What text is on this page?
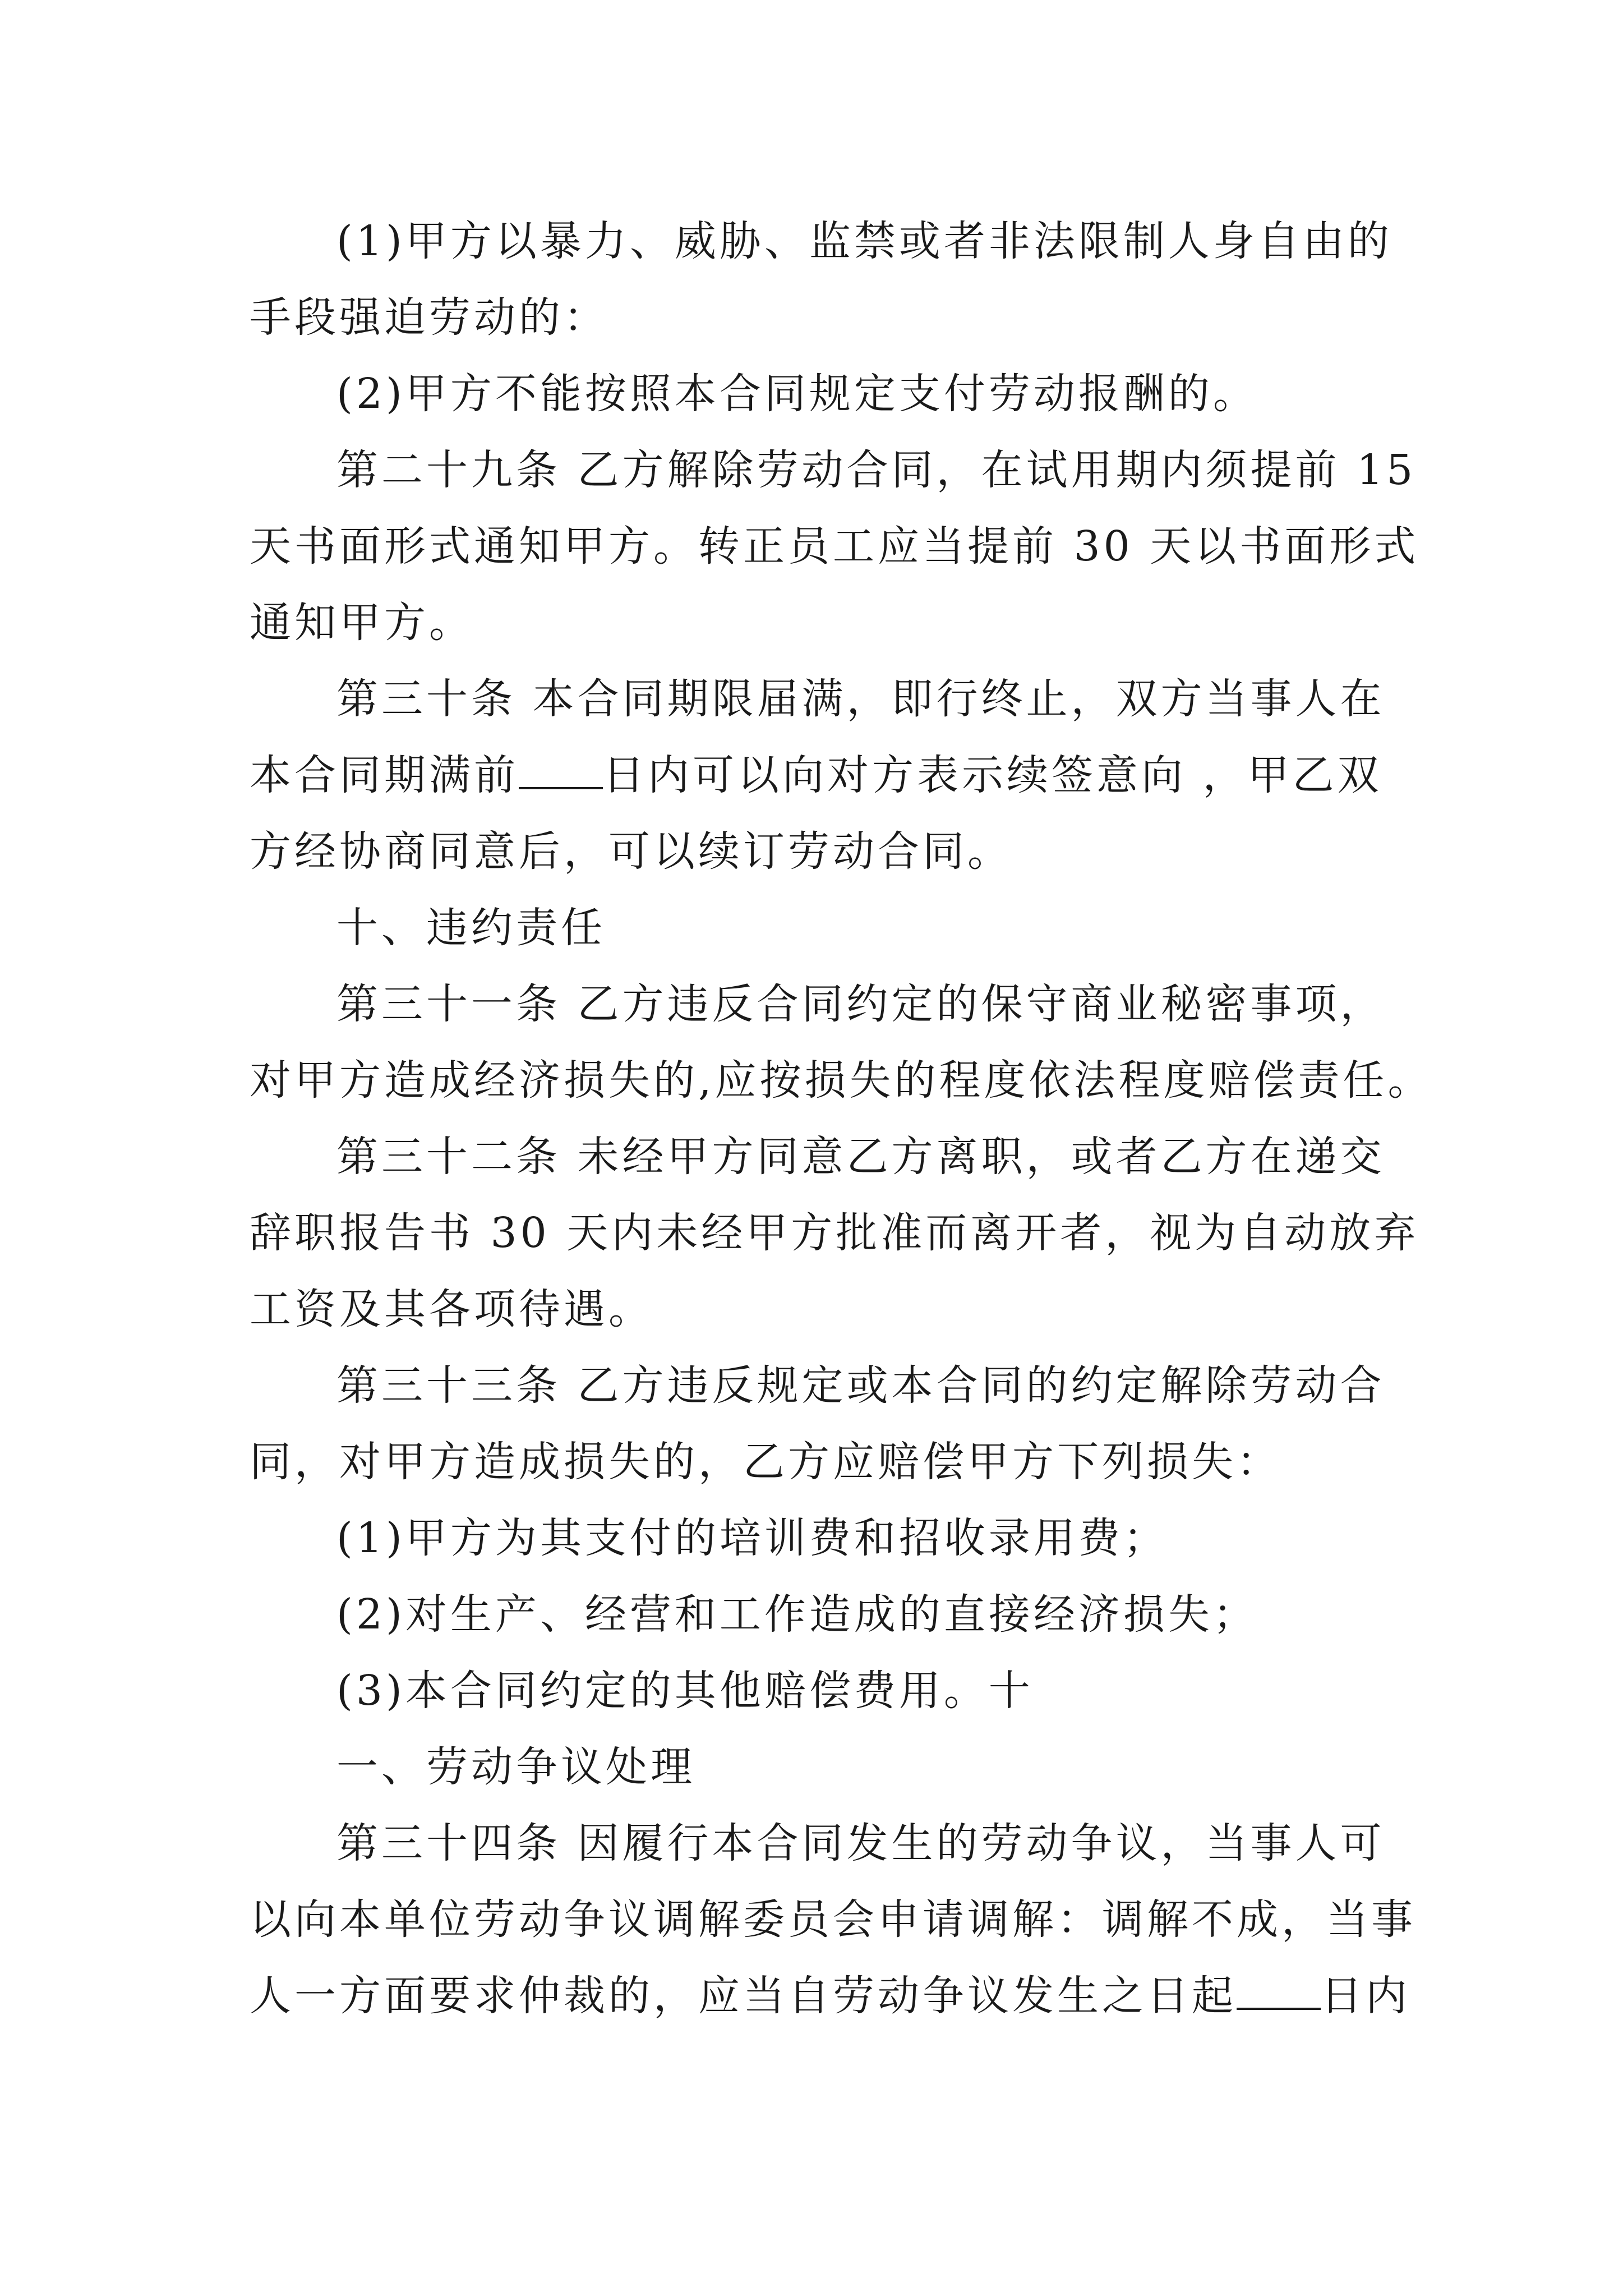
(1)甲方以暴力、威胁、监禁或者非法限制人身自由的
手段强迫劳动的：
(2)甲方不能按照本合同规定支付劳动报酬的。
第二十九条 乙方解除劳动合同，在试用期内须提前 15
天书面形式通知甲方。转正员工应当提前 30 天以书面形式
通知甲方。
第三十条 本合同期限届满，即行终止，双方当事人在
本合同期满前 日内可以向对方表示续签意向 ，甲乙双
方经协商同意后，可以续订劳动合同。
十、违约责任
第三十一条 乙方违反合同约定的保守商业秘密事项，
对甲方造成经济损失的,应按损失的程度依法程度赔偿责任。
第三十二条 未经甲方同意乙方离职，或者乙方在递交
辞职报告书 30 天内未经甲方批准而离开者，视为自动放弃
工资及其各项待遇。
第三十三条 乙方违反规定或本合同的约定解除劳动合
同，对甲方造成损失的，乙方应赔偿甲方下列损失：
(1)甲方为其支付的培训费和招收录用费；
(2)对生产、经营和工作造成的直接经济损失；
(3)本合同约定的其他赔偿费用。十
一、劳动争议处理
第三十四条 因履行本合同发生的劳动争议，当事人可
以向本单位劳动争议调解委员会申请调解：调解不成，当事
人一方面要求仲裁的，应当自劳动争议发生之日起 日内
